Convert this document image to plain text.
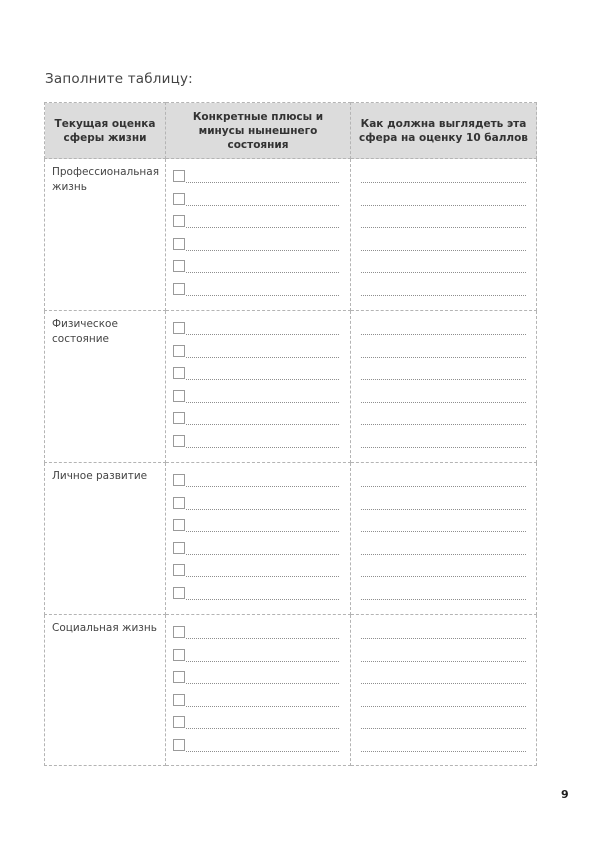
Заполните таблицу:
Текущая оценка сферы жизни	Конкретные плюсы и минусы нынешнего состояния	Как должна выглядеть эта сфера на оценку 10 баллов

Профессиональная жизнь		

Физическое состояние		

Личное развитие		

Социальная жизнь		

9
